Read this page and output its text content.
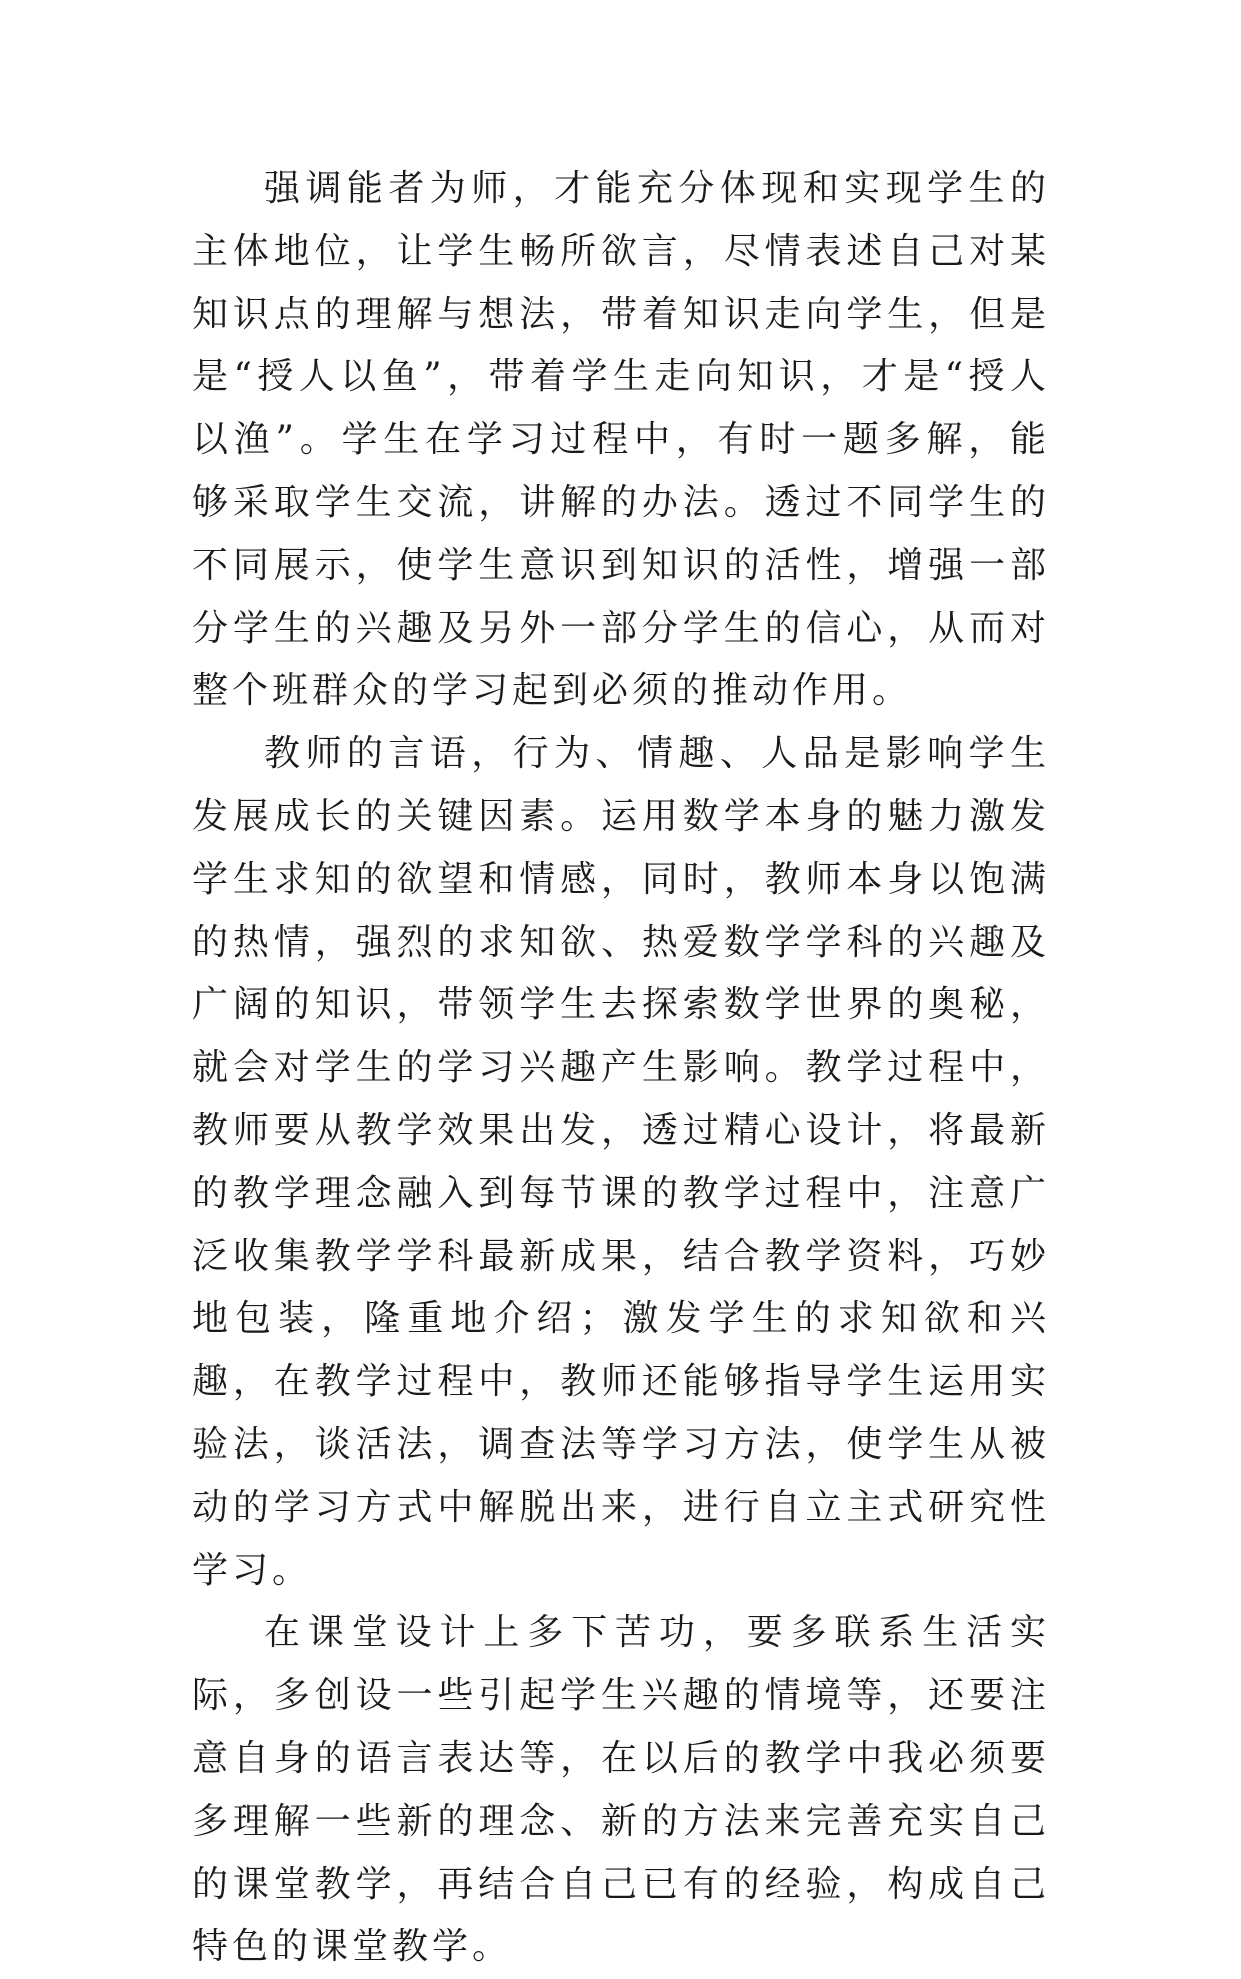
强调能者为师，才能充分体现和实现学生的主体地位，让学生畅所欲言，尽情表述自己对某知识点的理解与想法，带着知识走向学生，但是是“授人以鱼”，带着学生走向知识，才是“授人以渔”。学生在学习过程中，有时一题多解，能够采取学生交流，讲解的办法。透过不同学生的不同展示，使学生意识到知识的活性，增强一部分学生的兴趣及另外一部分学生的信心，从而对整个班群众的学习起到必须的推动作用。

教师的言语，行为、情趣、人品是影响学生发展成长的关键因素。运用数学本身的魅力激发学生求知的欲望和情感，同时，教师本身以饱满的热情，强烈的求知欲、热爱数学学科的兴趣及广阔的知识，带领学生去探索数学世界的奥秘，就会对学生的学习兴趣产生影响。教学过程中，教师要从教学效果出发，透过精心设计，将最新的教学理念融入到每节课的教学过程中，注意广泛收集教学学科最新成果，结合教学资料，巧妙地包装，隆重地介绍；激发学生的求知欲和兴趣，在教学过程中，教师还能够指导学生运用实验法，谈活法，调查法等学习方法，使学生从被动的学习方式中解脱出来，进行自立主式研究性学习。

在课堂设计上多下苦功，要多联系生活实际，多创设一些引起学生兴趣的情境等，还要注意自身的语言表达等，在以后的教学中我必须要多理解一些新的理念、新的方法来完善充实自己的课堂教学，再结合自己已有的经验，构成自己特色的课堂教学。
